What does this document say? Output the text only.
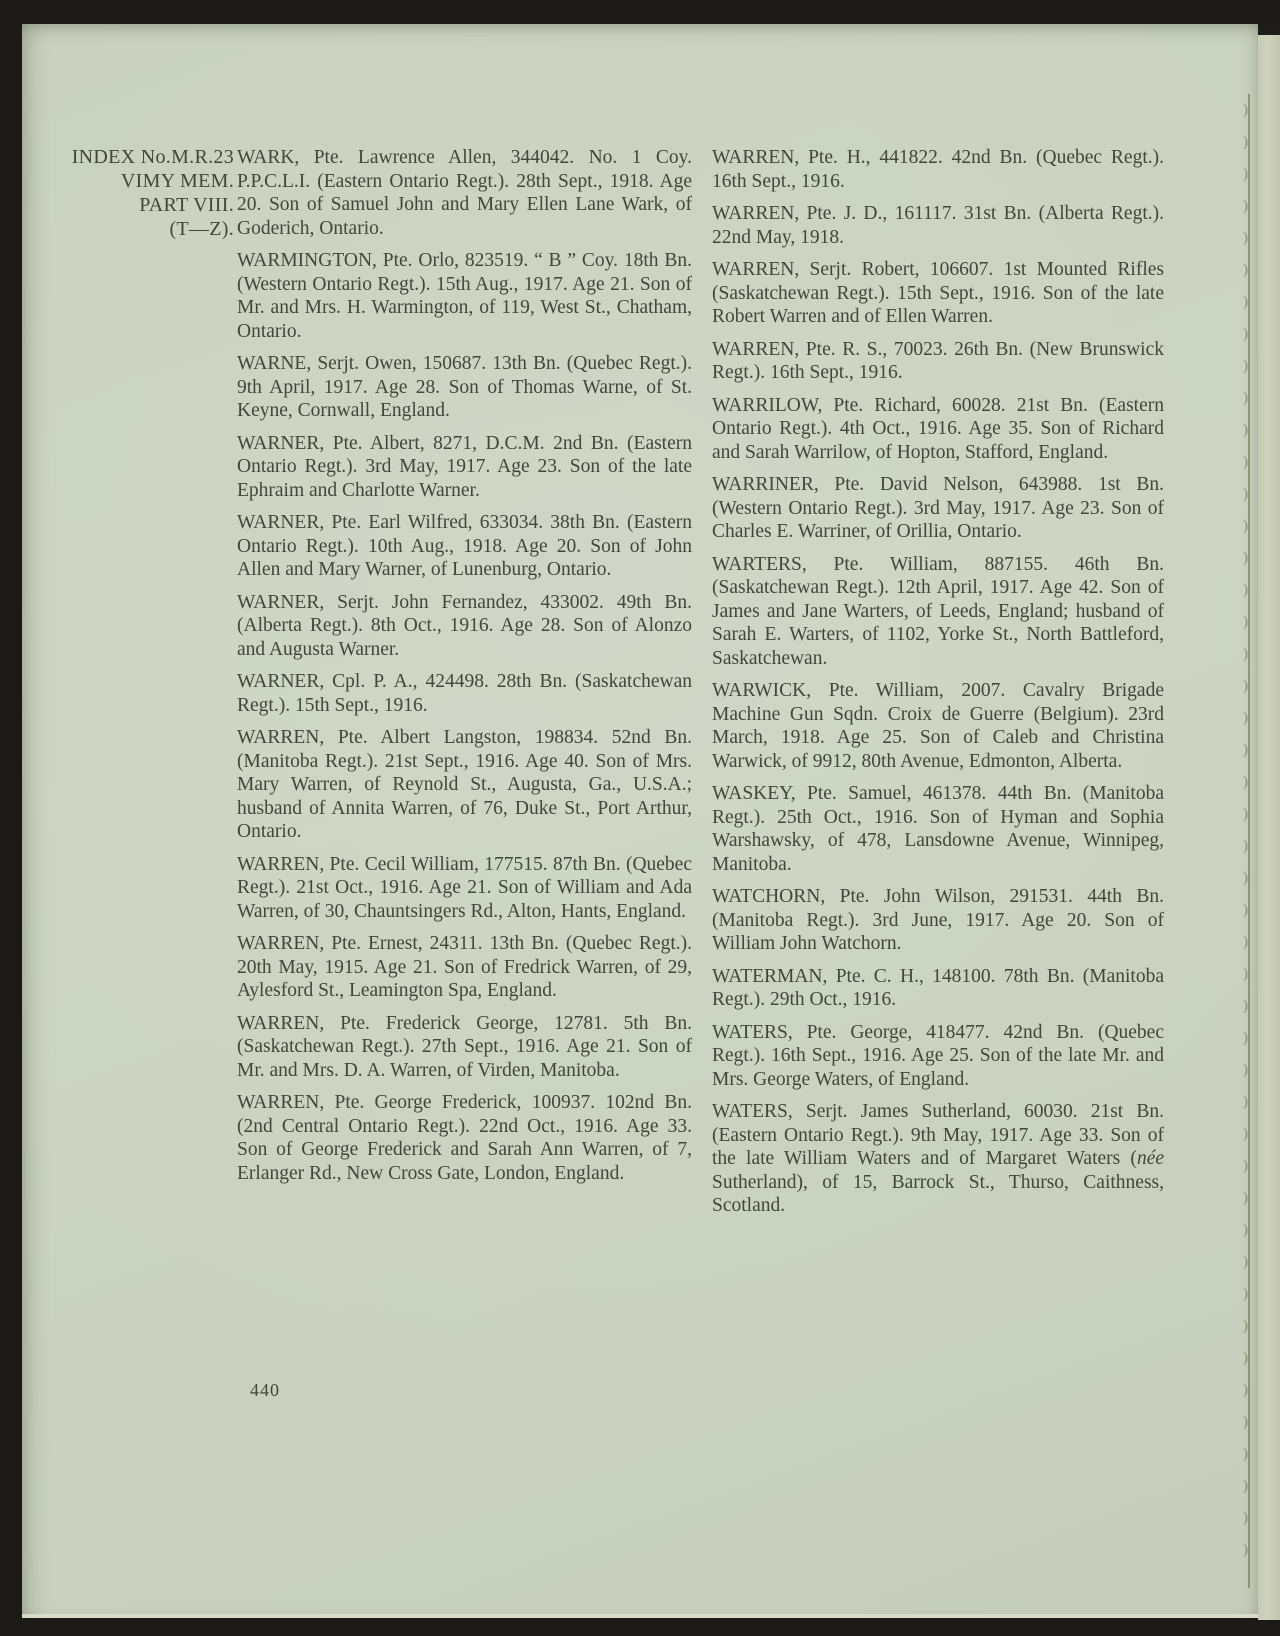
) ) ) ) ) ) ) ) ) ) ) ) ) ) ) ) ) ) ) ) ) ) ) ) ) ) ) ) ) ) ) ) ) ) ) ) ) ) ) ) ) ) ) ) ) )
INDEX No.M.R.23
VIMY MEM.
PART VIII.
(T—Z).

WARK, Pte. Lawrence Allen, 344042. No. 1 Coy. P.P.C.L.I. (Eastern Ontario Regt.). 28th Sept., 1918. Age 20. Son of Samuel John and Mary Ellen Lane Wark, of Goderich, Ontario.

WARMINGTON, Pte. Orlo, 823519. “ B ” Coy. 18th Bn. (Western Ontario Regt.). 15th Aug., 1917. Age 21. Son of Mr. and Mrs. H. Warmington, of 119, West St., Chatham, Ontario.

WARNE, Serjt. Owen, 150687. 13th Bn. (Quebec Regt.). 9th April, 1917. Age 28. Son of Thomas Warne, of St. Keyne, Cornwall, England.

WARNER, Pte. Albert, 8271, D.C.M. 2nd Bn. (Eastern Ontario Regt.). 3rd May, 1917. Age 23. Son of the late Ephraim and Charlotte Warner.

WARNER, Pte. Earl Wilfred, 633034. 38th Bn. (Eastern Ontario Regt.). 10th Aug., 1918. Age 20. Son of John Allen and Mary Warner, of Lunenburg, Ontario.

WARNER, Serjt. John Fernandez, 433002. 49th Bn. (Alberta Regt.). 8th Oct., 1916. Age 28. Son of Alonzo and Augusta Warner.

WARNER, Cpl. P. A., 424498. 28th Bn. (Saskatchewan Regt.). 15th Sept., 1916.

WARREN, Pte. Albert Langston, 198834. 52nd Bn. (Manitoba Regt.). 21st Sept., 1916. Age 40. Son of Mrs. Mary Warren, of Reynold St., Augusta, Ga., U.S.A.; husband of Annita Warren, of 76, Duke St., Port Arthur, Ontario.

WARREN, Pte. Cecil William, 177515. 87th Bn. (Quebec Regt.). 21st Oct., 1916. Age 21. Son of William and Ada Warren, of 30, Chauntsingers Rd., Alton, Hants, England.

WARREN, Pte. Ernest, 24311. 13th Bn. (Quebec Regt.). 20th May, 1915. Age 21. Son of Fredrick Warren, of 29, Aylesford St., Leamington Spa, England.

WARREN, Pte. Frederick George, 12781. 5th Bn. (Saskatchewan Regt.). 27th Sept., 1916. Age 21. Son of Mr. and Mrs. D. A. Warren, of Virden, Manitoba.

WARREN, Pte. George Frederick, 100937. 102nd Bn. (2nd Central Ontario Regt.). 22nd Oct., 1916. Age 33. Son of George Frederick and Sarah Ann Warren, of 7, Erlanger Rd., New Cross Gate, London, England.

WARREN, Pte. H., 441822. 42nd Bn. (Quebec Regt.). 16th Sept., 1916.

WARREN, Pte. J. D., 161117. 31st Bn. (Alberta Regt.). 22nd May, 1918.

WARREN, Serjt. Robert, 106607. 1st Mounted Rifles (Saskatchewan Regt.). 15th Sept., 1916. Son of the late Robert Warren and of Ellen Warren.

WARREN, Pte. R. S., 70023. 26th Bn. (New Brunswick Regt.). 16th Sept., 1916.

WARRILOW, Pte. Richard, 60028. 21st Bn. (Eastern Ontario Regt.). 4th Oct., 1916. Age 35. Son of Richard and Sarah Warrilow, of Hopton, Stafford, England.

WARRINER, Pte. David Nelson, 643988. 1st Bn. (Western Ontario Regt.). 3rd May, 1917. Age 23. Son of Charles E. Warriner, of Orillia, Ontario.

WARTERS, Pte. William, 887155. 46th Bn. (Saskatchewan Regt.). 12th April, 1917. Age 42. Son of James and Jane Warters, of Leeds, England; husband of Sarah E. Warters, of 1102, Yorke St., North Battleford, Saskatchewan.

WARWICK, Pte. William, 2007. Cavalry Brigade Machine Gun Sqdn. Croix de Guerre (Belgium). 23rd March, 1918. Age 25. Son of Caleb and Christina Warwick, of 9912, 80th Avenue, Edmonton, Alberta.

WASKEY, Pte. Samuel, 461378. 44th Bn. (Manitoba Regt.). 25th Oct., 1916. Son of Hyman and Sophia Warshawsky, of 478, Lansdowne Avenue, Winnipeg, Manitoba.

WATCHORN, Pte. John Wilson, 291531. 44th Bn. (Manitoba Regt.). 3rd June, 1917. Age 20. Son of William John Watchorn.

WATERMAN, Pte. C. H., 148100. 78th Bn. (Manitoba Regt.). 29th Oct., 1916.

WATERS, Pte. George, 418477. 42nd Bn. (Quebec Regt.). 16th Sept., 1916. Age 25. Son of the late Mr. and Mrs. George Waters, of England.

WATERS, Serjt. James Sutherland, 60030. 21st Bn. (Eastern Ontario Regt.). 9th May, 1917. Age 33. Son of the late William Waters and of Margaret Waters (née Sutherland), of 15, Barrock St., Thurso, Caithness, Scotland.

440
